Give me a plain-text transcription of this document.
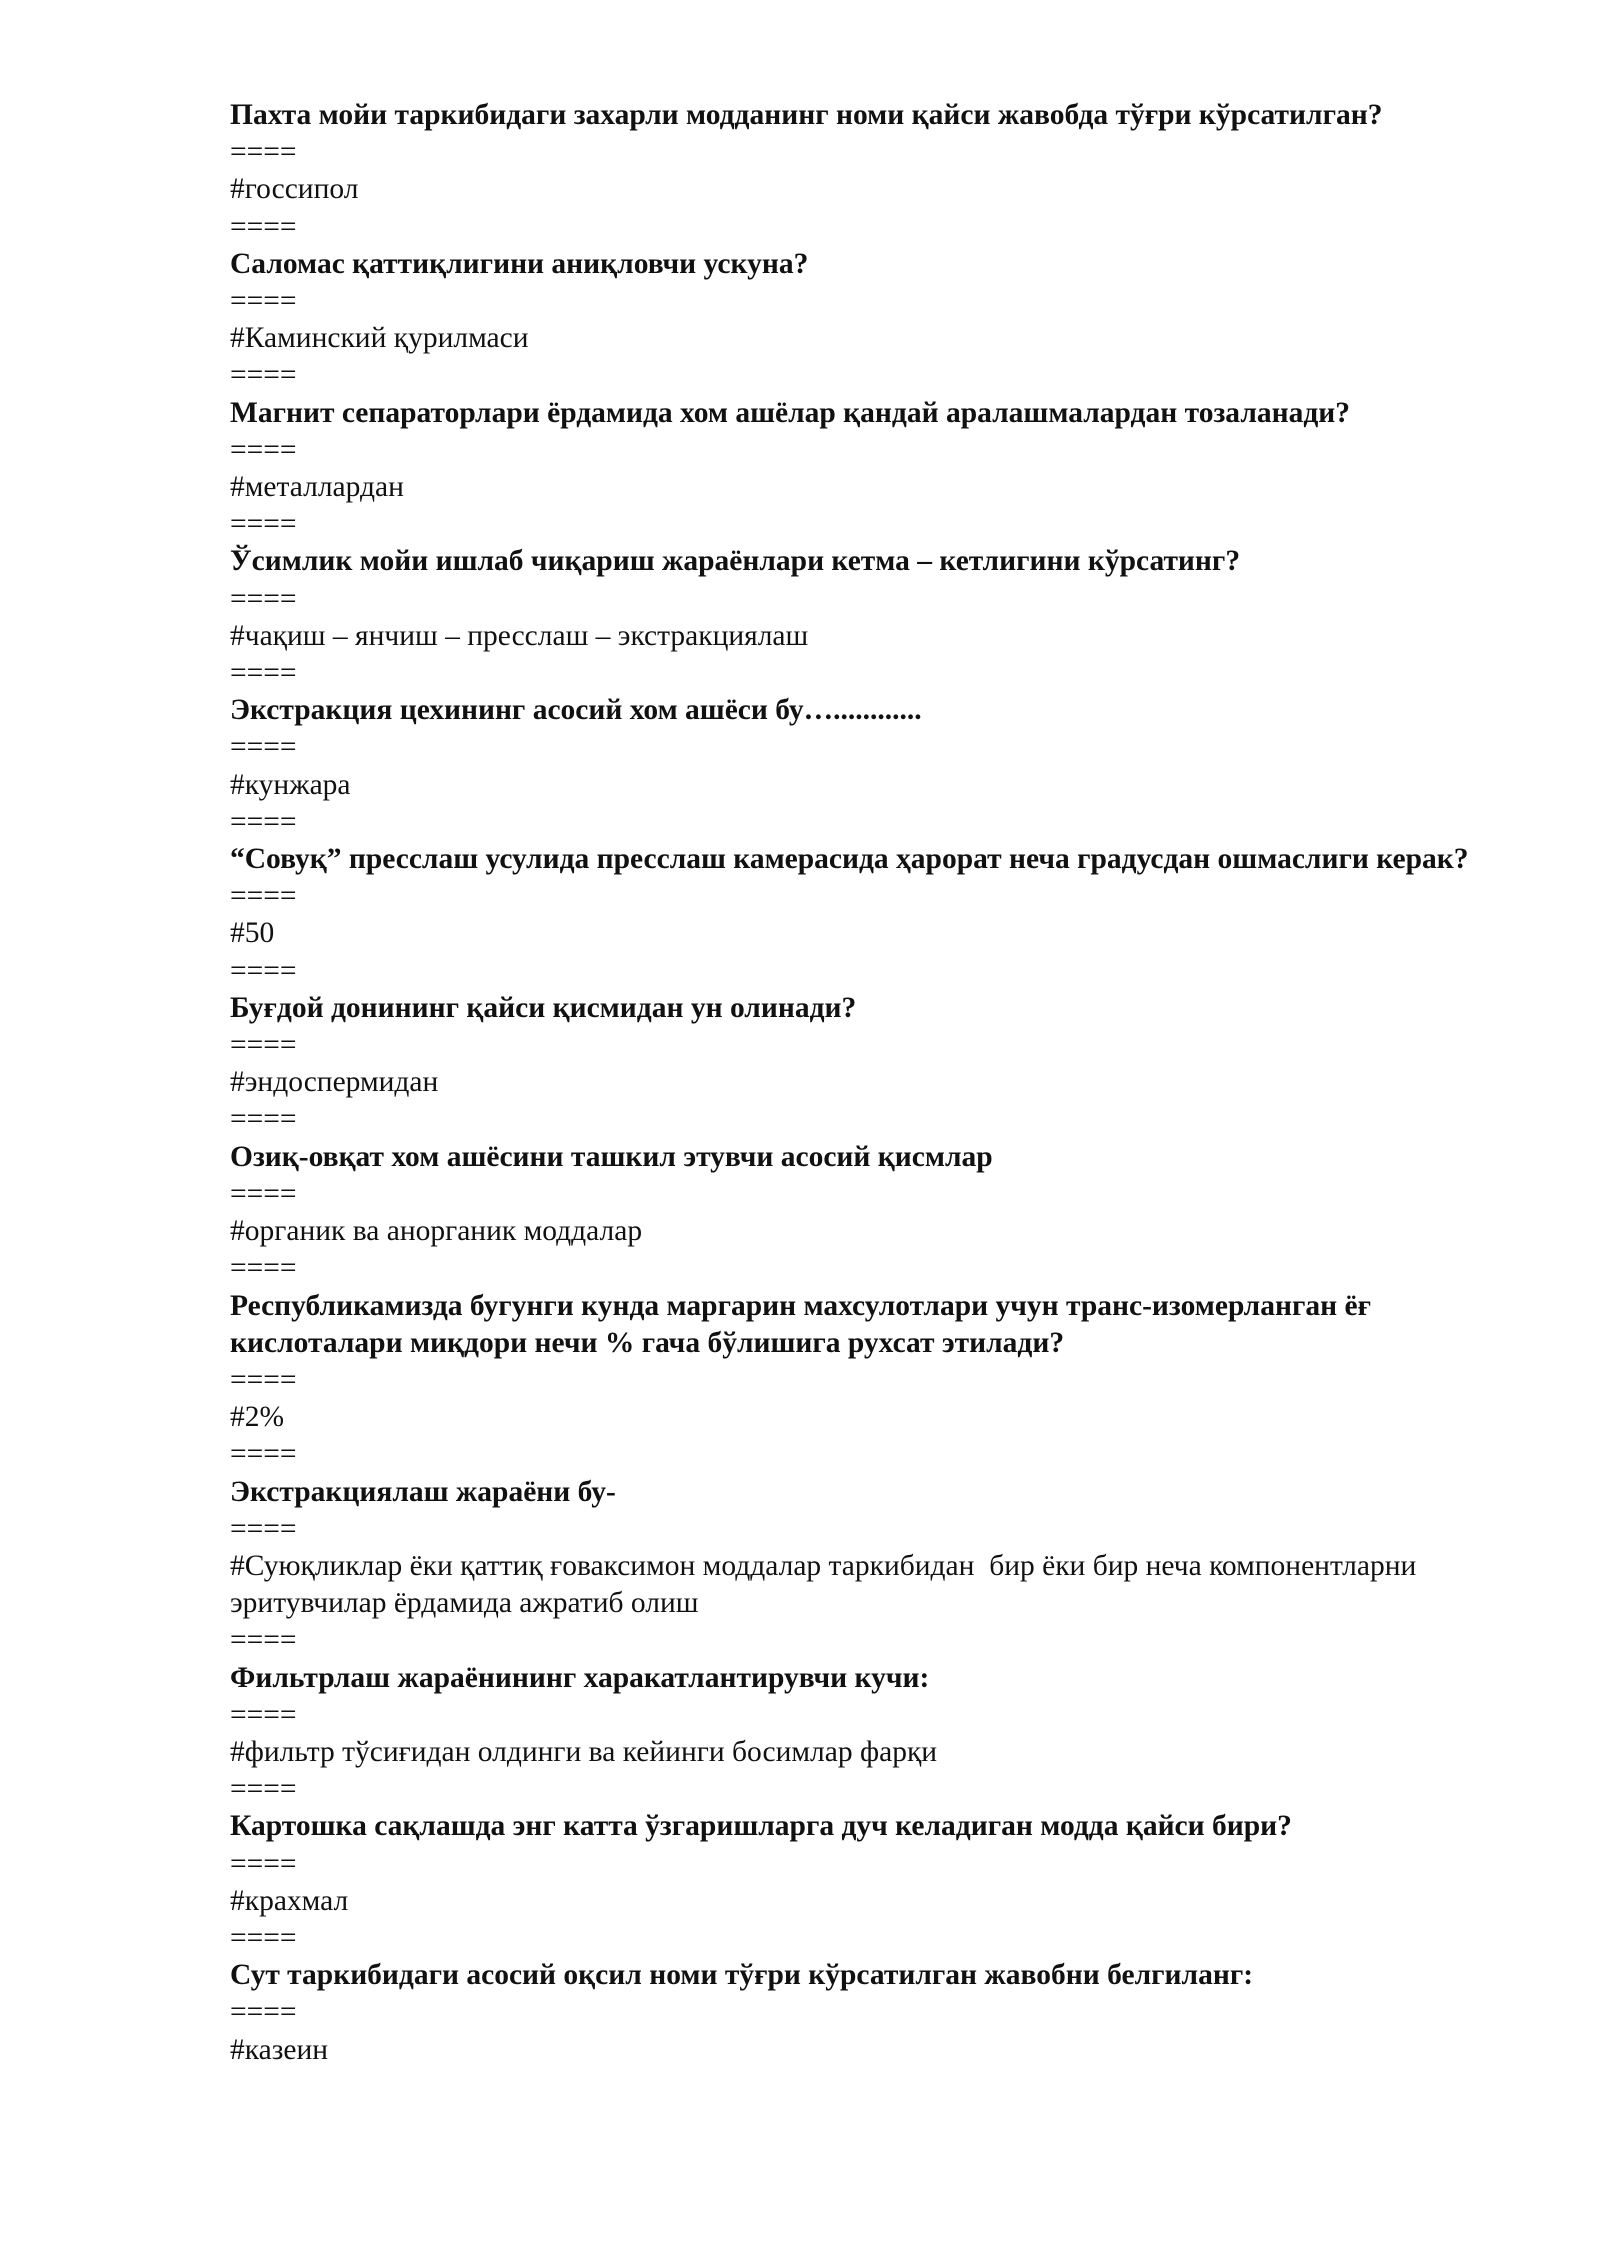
Пахта мойи таркибидаги захарли модданинг номи қайси жавобда тўғри кўрсатилган?
====
#госсипол
====
Саломас қаттиқлигини аниқловчи ускуна?
====
#Каминский қурилмаси
====
Магнит сепараторлари ёрдамида хом ашёлар қандай аралашмалардан тозаланади?
====
#металлардан
====
Ўсимлик мойи ишлаб чиқариш жараёнлари кетма – кетлигини кўрсатинг?
====
#чақиш – янчиш – пресслаш – экстракциялаш
====
Экстракция цехининг асосий хом ашёси бу…............
====
#кунжара
====
“Совуқ” пресслаш усулида пресслаш камерасида ҳарорат неча градусдан ошмаслиги керак?
====
#50
====
Буғдой донининг қайси қисмидан ун олинади?
====
#эндоспермидан
====
Озиқ-овқат хом ашёсини ташкил этувчи асосий қисмлар
====
#органик ва анорганик моддалар
====
Республикамизда бугунги кунда маргарин махсулотлари учун транс-изомерланган ёғ  кислоталари миқдори нечи % гача бўлишига рухсат этилади?
====
#2%
====
Экстракциялаш жараёни бу-
====
#Суюқликлар ёки қаттиқ ғоваксимон моддалар таркибидан  бир ёки бир неча компонентларни эритувчилар ёрдамида ажратиб олиш
====
Фильтрлаш жараёнининг харакатлантирувчи кучи:
====
#фильтр тўсиғидан олдинги ва кейинги босимлар фарқи
====
Картошка сақлашда энг катта ўзгаришларга дуч келадиган модда қайси бири?
====
#крахмал
====
Сут таркибидаги асосий оқсил номи тўғри кўрсатилган жавобни белгиланг:
====
#казеин
